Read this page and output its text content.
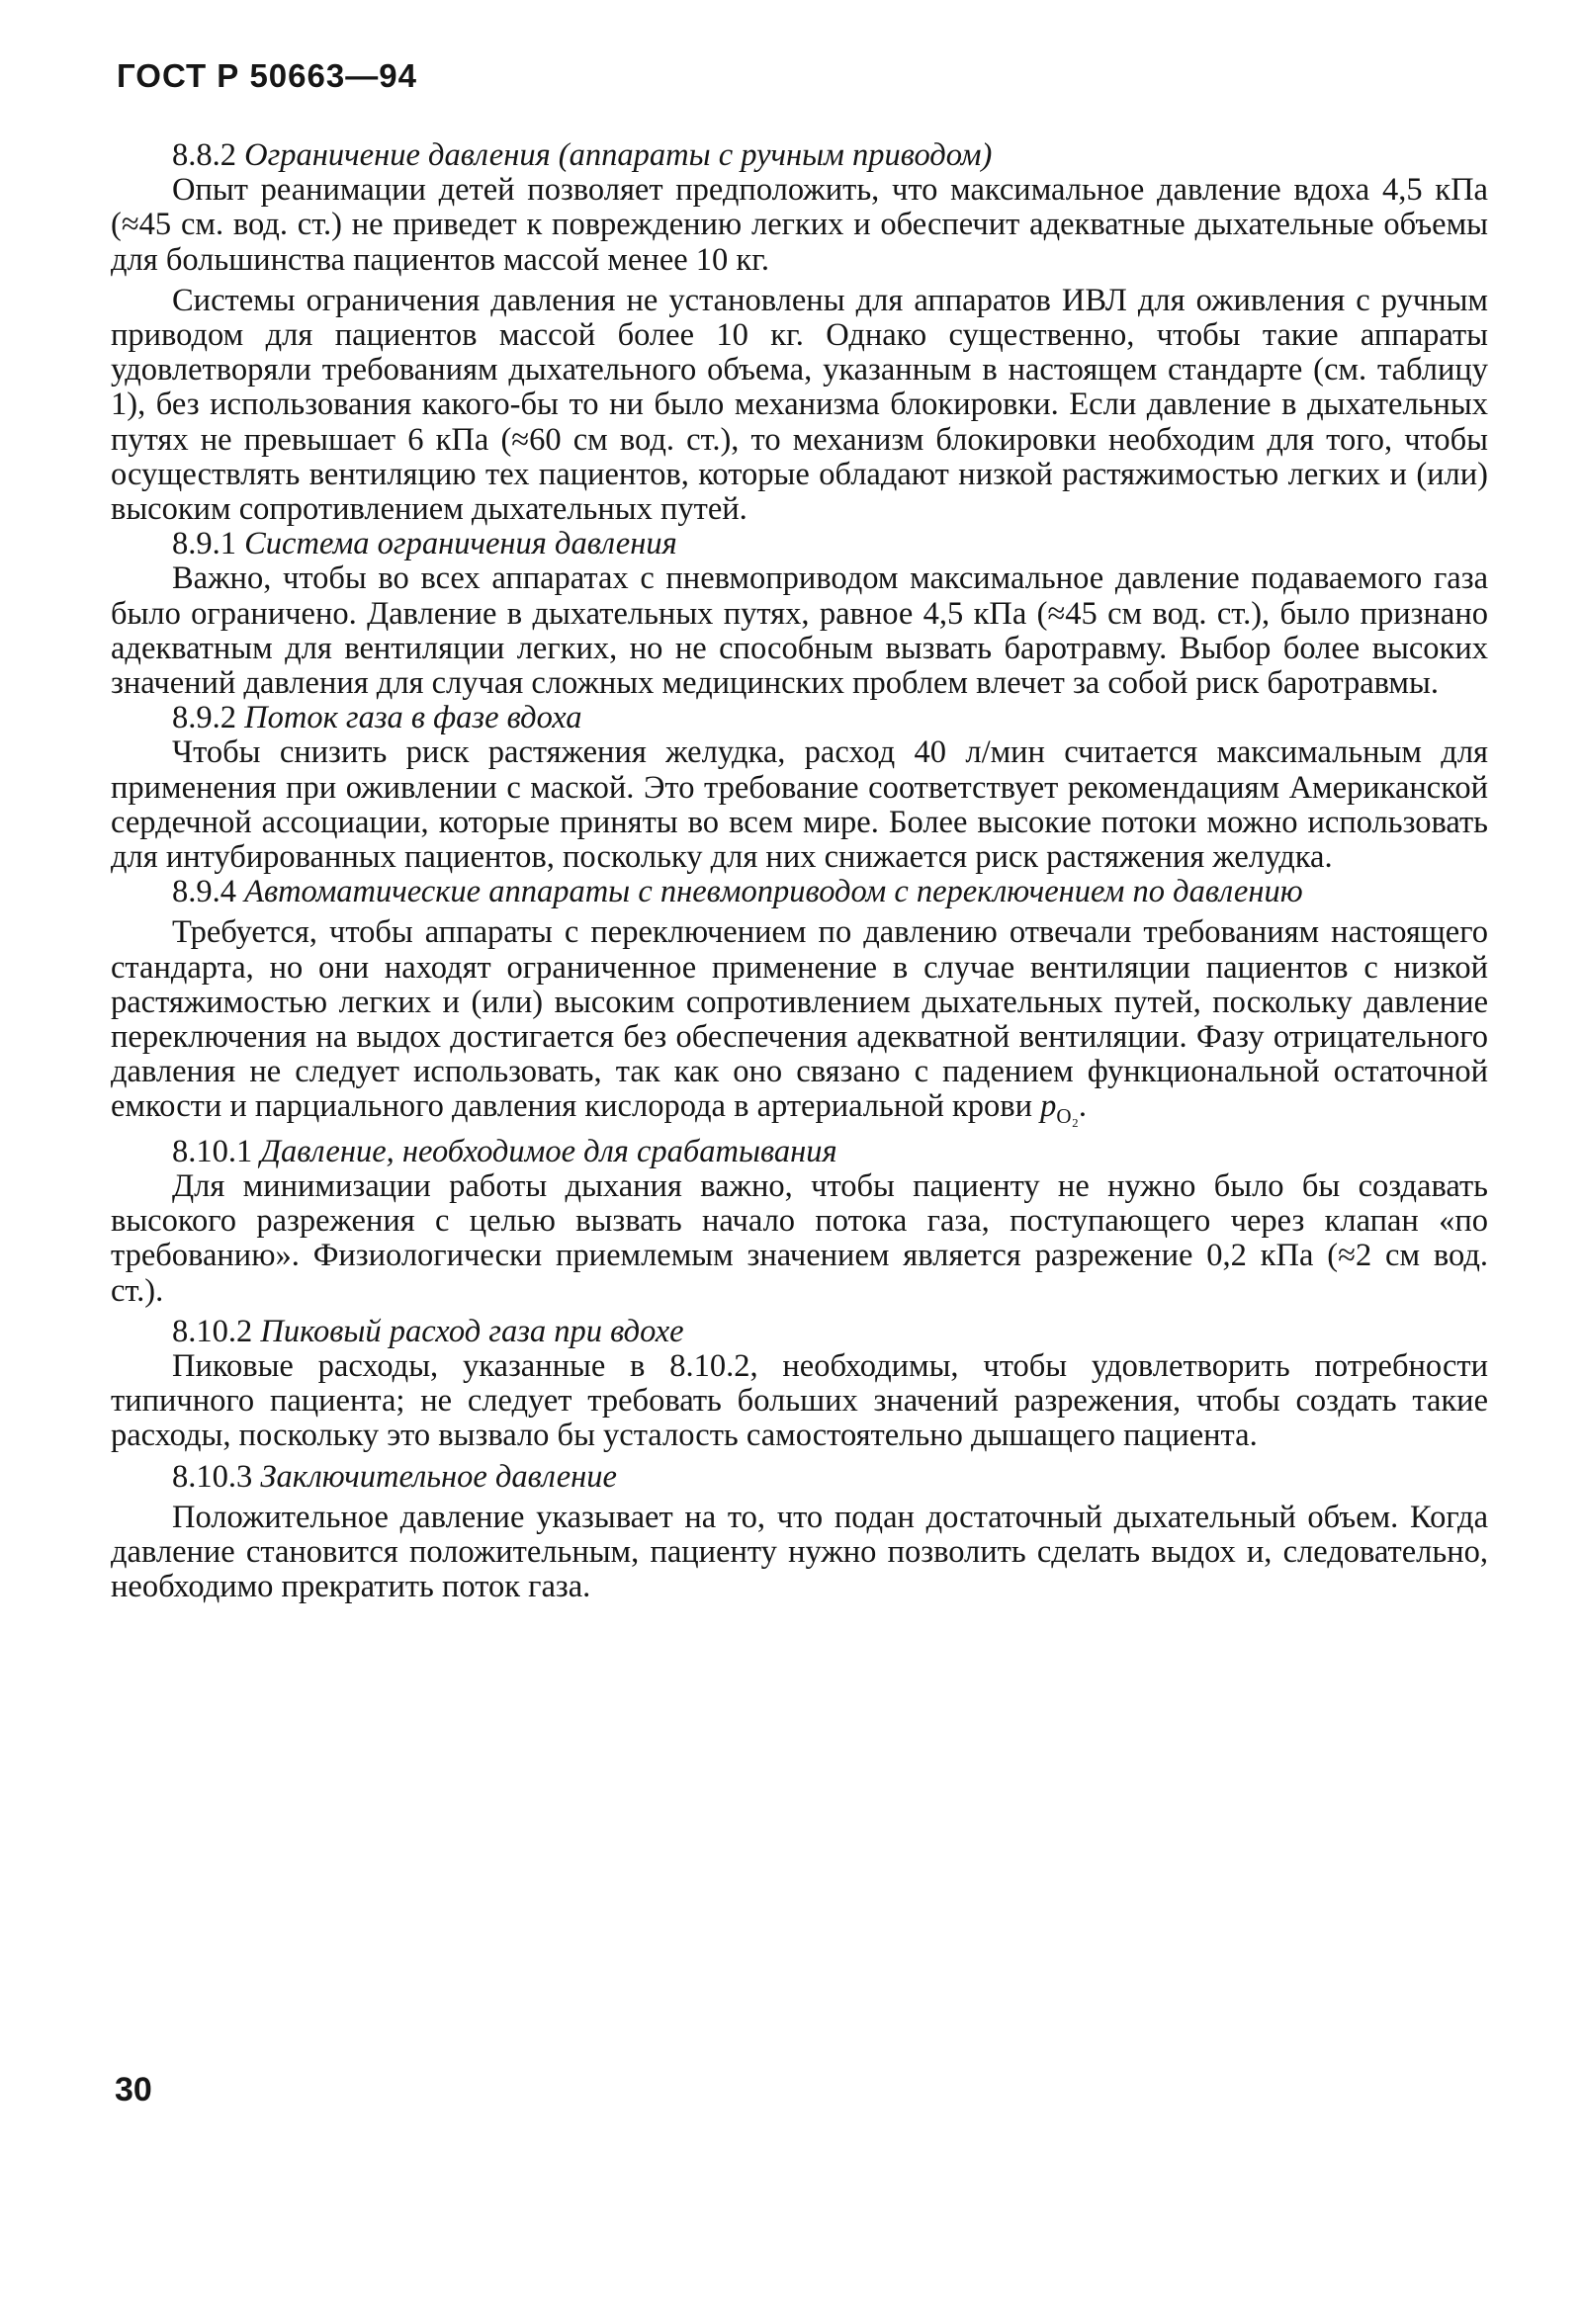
ГОСТ Р 50663—94

8.8.2 Ограничение давления (аппараты с ручным приводом)

Опыт реанимации детей позволяет предположить, что максимальное давление вдоха 4,5 кПа (≈45 см. вод. ст.) не приведет к повреждению легких и обеспечит адекватные дыхательные объемы для большинства пациентов массой менее 10 кг.

Системы ограничения давления не установлены для аппаратов ИВЛ для оживления с ручным приводом для пациентов массой более 10 кг. Однако существенно, чтобы такие аппараты удовлетворяли требованиям дыхательного объема, указанным в настоящем стандарте (см. таблицу 1), без использования какого-бы то ни было механизма блокировки. Если давление в дыхательных путях не превышает 6 кПа (≈60 см вод. ст.), то механизм блокировки необходим для того, чтобы осуществлять вентиляцию тех пациентов, которые обладают низкой растяжимостью легких и (или) высоким сопротивлением дыхательных путей.

8.9.1 Система ограничения давления

Важно, чтобы во всех аппаратах с пневмоприводом максимальное давление подаваемого газа было ограничено. Давление в дыхательных путях, равное 4,5 кПа (≈45 см вод. ст.), было признано адекватным для вентиляции легких, но не способным вызвать баротравму. Выбор более высоких значений давления для случая сложных медицинских проблем влечет за собой риск баротравмы.

8.9.2 Поток газа в фазе вдоха

Чтобы снизить риск растяжения желудка, расход 40 л/мин считается максимальным для применения при оживлении с маской. Это требование соответствует рекомендациям Американской сердечной ассоциации, которые приняты во всем мире. Более высокие потоки можно использовать для интубированных пациентов, поскольку для них снижается риск растяжения желудка.

8.9.4 Автоматические аппараты с пневмоприводом с переключением по давлению

Требуется, чтобы аппараты с переключением по давлению отвечали требованиям настоящего стандарта, но они находят ограниченное применение в случае вентиляции пациентов с низкой растяжимостью легких и (или) высоким сопротивлением дыхательных путей, поскольку давление переключения на выдох достигается без обеспечения адекватной вентиляции. Фазу отрицательного давления не следует использовать, так как оно связано с падением функциональной остаточной емкости и парциального давления кислорода в артериальной крови $p_{O_2}$.

8.10.1 Давление, необходимое для срабатывания

Для минимизации работы дыхания важно, чтобы пациенту не нужно было бы создавать высокого разрежения с целью вызвать начало потока газа, поступающего через клапан «по требованию». Физиологически приемлемым значением является разрежение 0,2 кПа (≈2 см вод. ст.).

8.10.2 Пиковый расход газа при вдохе

Пиковые расходы, указанные в 8.10.2, необходимы, чтобы удовлетворить потребности типичного пациента; не следует требовать больших значений разрежения, чтобы создать такие расходы, поскольку это вызвало бы усталость самостоятельно дышащего пациента.

8.10.3 Заключительное давление

Положительное давление указывает на то, что подан достаточный дыхательный объем. Когда давление становится положительным, пациенту нужно позволить сделать выдох и, следовательно, необходимо прекратить поток газа.

30
